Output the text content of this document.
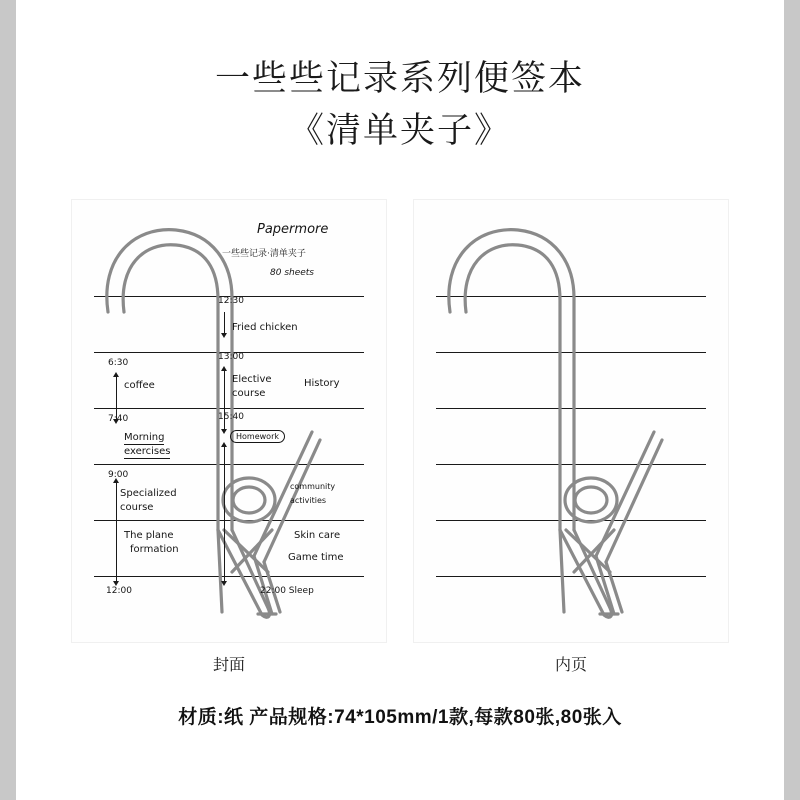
一些些记录系列便签本
《清单夹子》
Papermore
一些些记录·清单夹子
80 sheets
12:30
Fried chicken
6:30
coffee
13:00
Elective
course
History
7:40
Morning
exercises
15:40
Homework
9:00
Specialized
course
community
activities
The plane
formation
Skin care
Game time
12:00	22:00 Sleep
封面	内页
材质:纸 产品规格:74*105mm/1款,每款80张,80张入
